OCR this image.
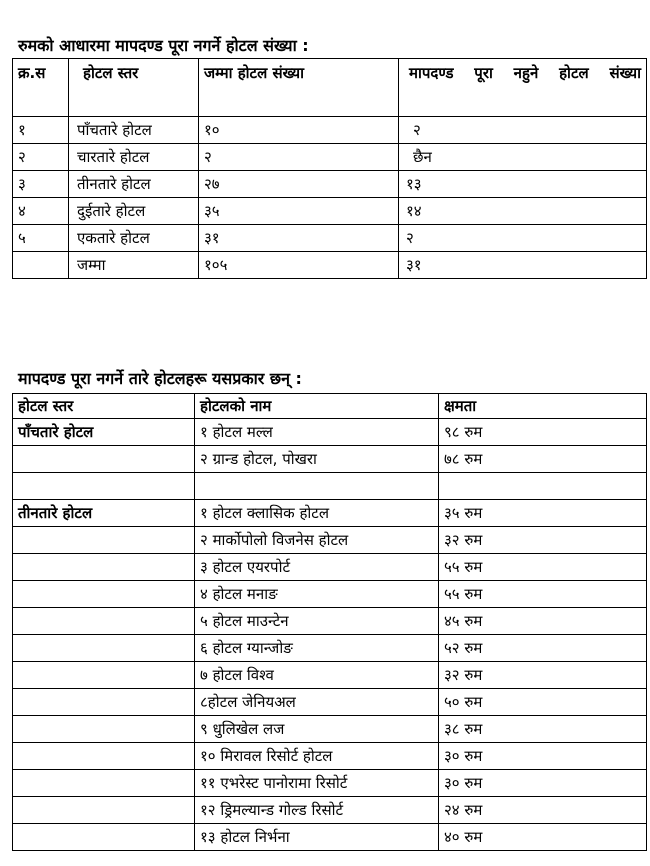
रुमको आधारमा मापदण्ड पूरा नगर्ने होटल संख्या :
क्र.स	होटल स्तर	जम्मा होटल संख्या	मापदण्ड पूरा नहुने होटल संख्या
१	पाँचतारे होटल	१०	२
२	चारतारे होटल	२	छैन
३	तीनतारे होटल	२७	१३
४	दुईतारे होटल	३५	१४
५	एकतारे होटल	३१	२
	जम्मा	१०५	३१
मापदण्ड पूरा नगर्ने तारे होटलहरू यसप्रकार छन् :
होटल स्तर	होटलको नाम	क्षमता
पाँचतारे होटल	१ होटल मल्ल	९८ रुम
	२ ग्रान्ड होटल, पोखरा	७८ रुम

तीनतारे होटल	१ होटल क्लासिक होटल	३५ रुम
	२ मार्कोपोलो विजनेस होटल	३२ रुम
	३ होटल एयरपोर्ट	५५ रुम
	४ होटल मनाङ	५५ रुम
	५ होटल माउन्टेन	४५ रुम
	६ होटल ग्यान्जोङ	५२ रुम
	७ होटल विश्व	३२ रुम
	८होटल जेनियअल	५० रुम
	९ धुलिखेल लज	३८ रुम
	१० मिरावल रिसोर्ट होटल	३० रुम
	११ एभरेस्ट पानोरामा रिसोर्ट	३० रुम
	१२ ड्रिमल्यान्ड गोल्ड रिसोर्ट	२४ रुम
	१३ होटल निर्भना	४० रुम
